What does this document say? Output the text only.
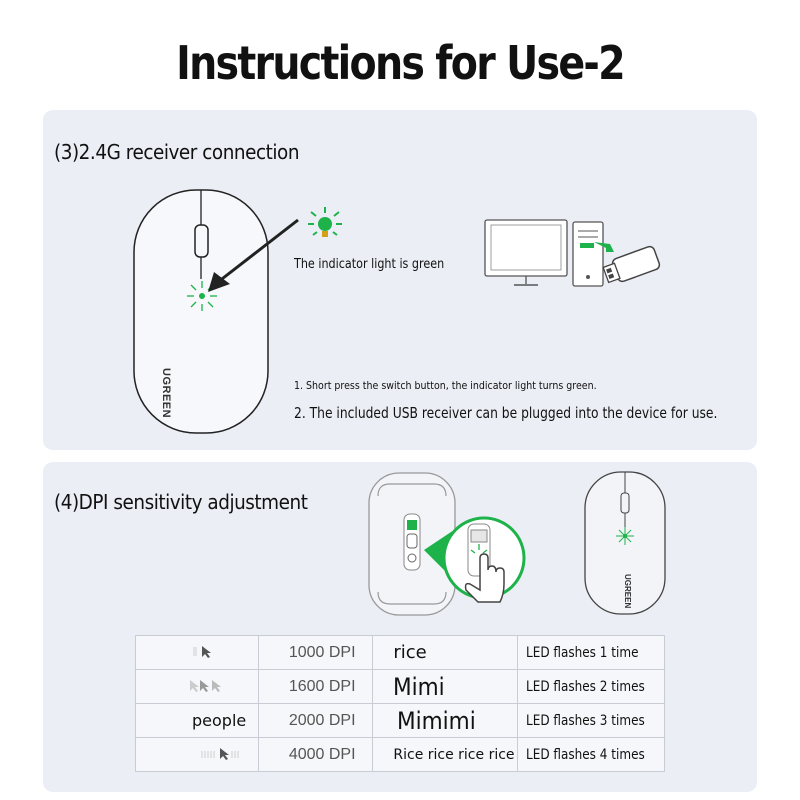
Instructions for Use-2
(3)2.4G receiver connection
UGREEN
The indicator light is green
1. Short press the switch button, the indicator light turns green.
2. The included USB receiver can be plugged into the device for use.
(4)DPI sensitivity adjustment
UGREEN
	1000 DPI	rice	LED flashes 1 time
	1600 DPI	Mimi	LED flashes 2 times
people	2000 DPI	Mimimi	LED flashes 3 times
	4000 DPI	Rice rice rice rice	LED flashes 4 times
